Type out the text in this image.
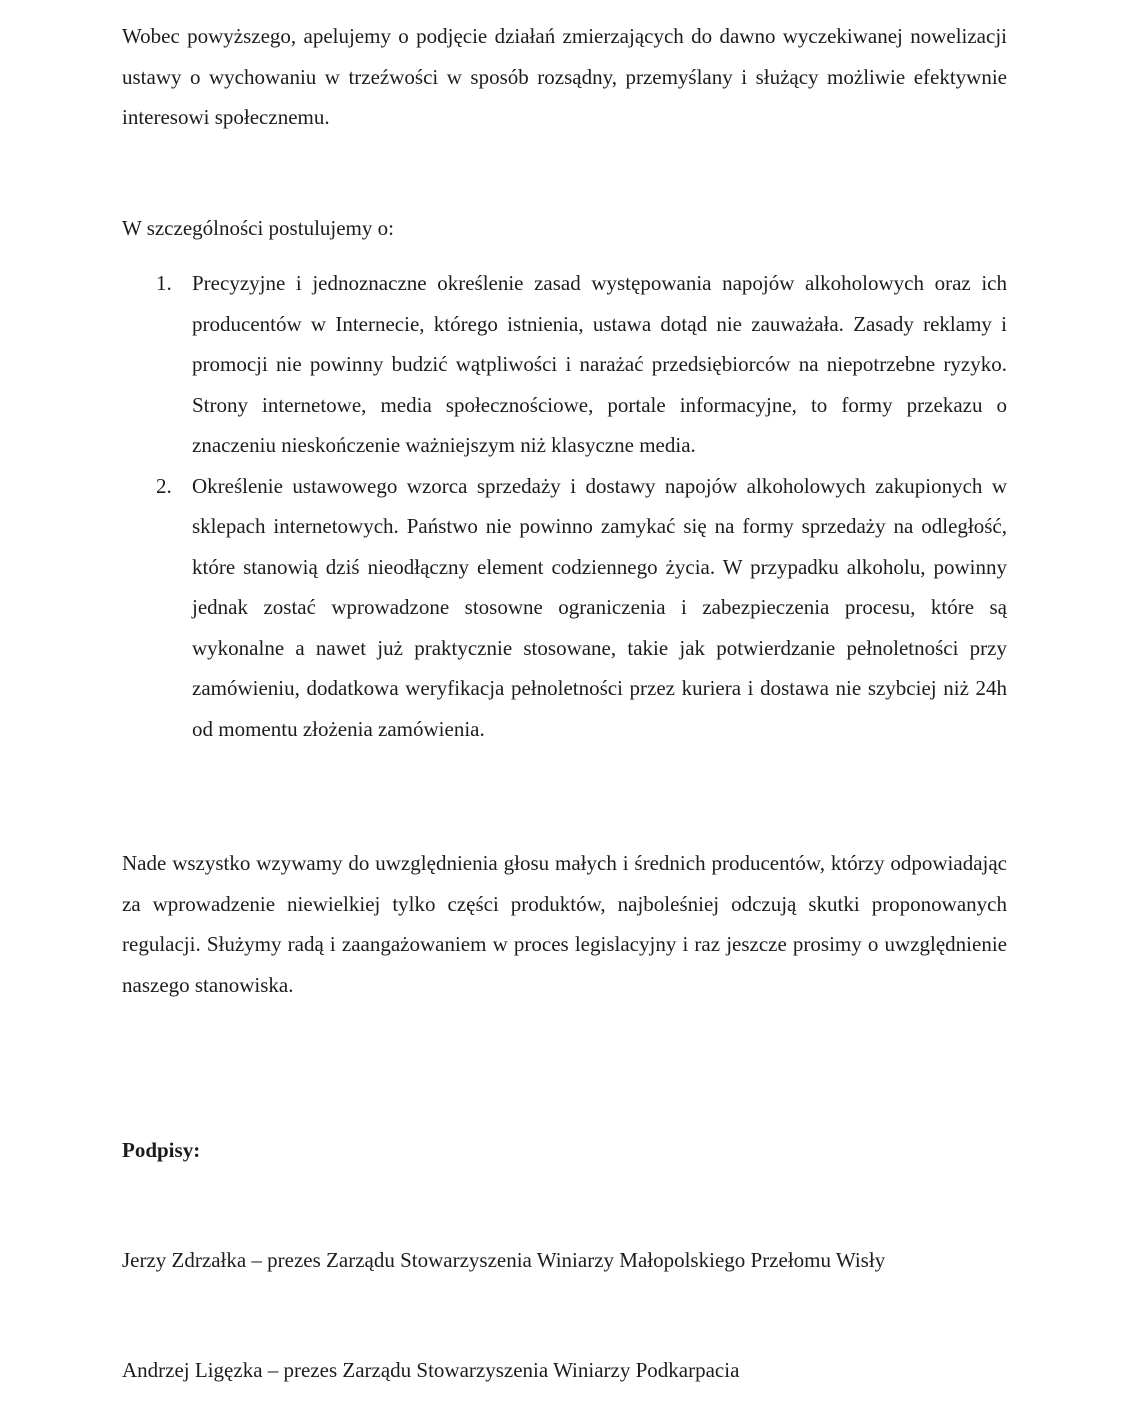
Wobec powyższego, apelujemy o podjęcie działań zmierzających do dawno wyczekiwanej nowelizacji ustawy o wychowaniu w trzeźwości w sposób rozsądny, przemyślany i służący możliwie efektywnie interesowi społecznemu.

W szczególności postulujemy o:

1. Precyzyjne i jednoznaczne określenie zasad występowania napojów alkoholowych oraz ich producentów w Internecie, którego istnienia, ustawa dotąd nie zauważała. Zasady reklamy i promocji nie powinny budzić wątpliwości i narażać przedsiębiorców na niepotrzebne ryzyko. Strony internetowe, media społecznościowe, portale informacyjne, to formy przekazu o znaczeniu nieskończenie ważniejszym niż klasyczne media.
2. Określenie ustawowego wzorca sprzedaży i dostawy napojów alkoholowych zakupionych w sklepach internetowych. Państwo nie powinno zamykać się na formy sprzedaży na odległość, które stanowią dziś nieodłączny element codziennego życia. W przypadku alkoholu, powinny jednak zostać wprowadzone stosowne ograniczenia i zabezpieczenia procesu, które są wykonalne a nawet już praktycznie stosowane, takie jak potwierdzanie pełnoletności przy zamówieniu, dodatkowa weryfikacja pełnoletności przez kuriera i dostawa nie szybciej niż 24h od momentu złożenia zamówienia.

Nade wszystko wzywamy do uwzględnienia głosu małych i średnich producentów, którzy odpowiadając za wprowadzenie niewielkiej tylko części produktów, najboleśniej odczują skutki proponowanych regulacji. Służymy radą i zaangażowaniem w proces legislacyjny i raz jeszcze prosimy o uwzględnienie naszego stanowiska.

Podpisy:

Jerzy Zdrzałka – prezes Zarządu Stowarzyszenia Winiarzy Małopolskiego Przełomu Wisły

Andrzej Ligęzka – prezes Zarządu Stowarzyszenia Winiarzy Podkarpacia
